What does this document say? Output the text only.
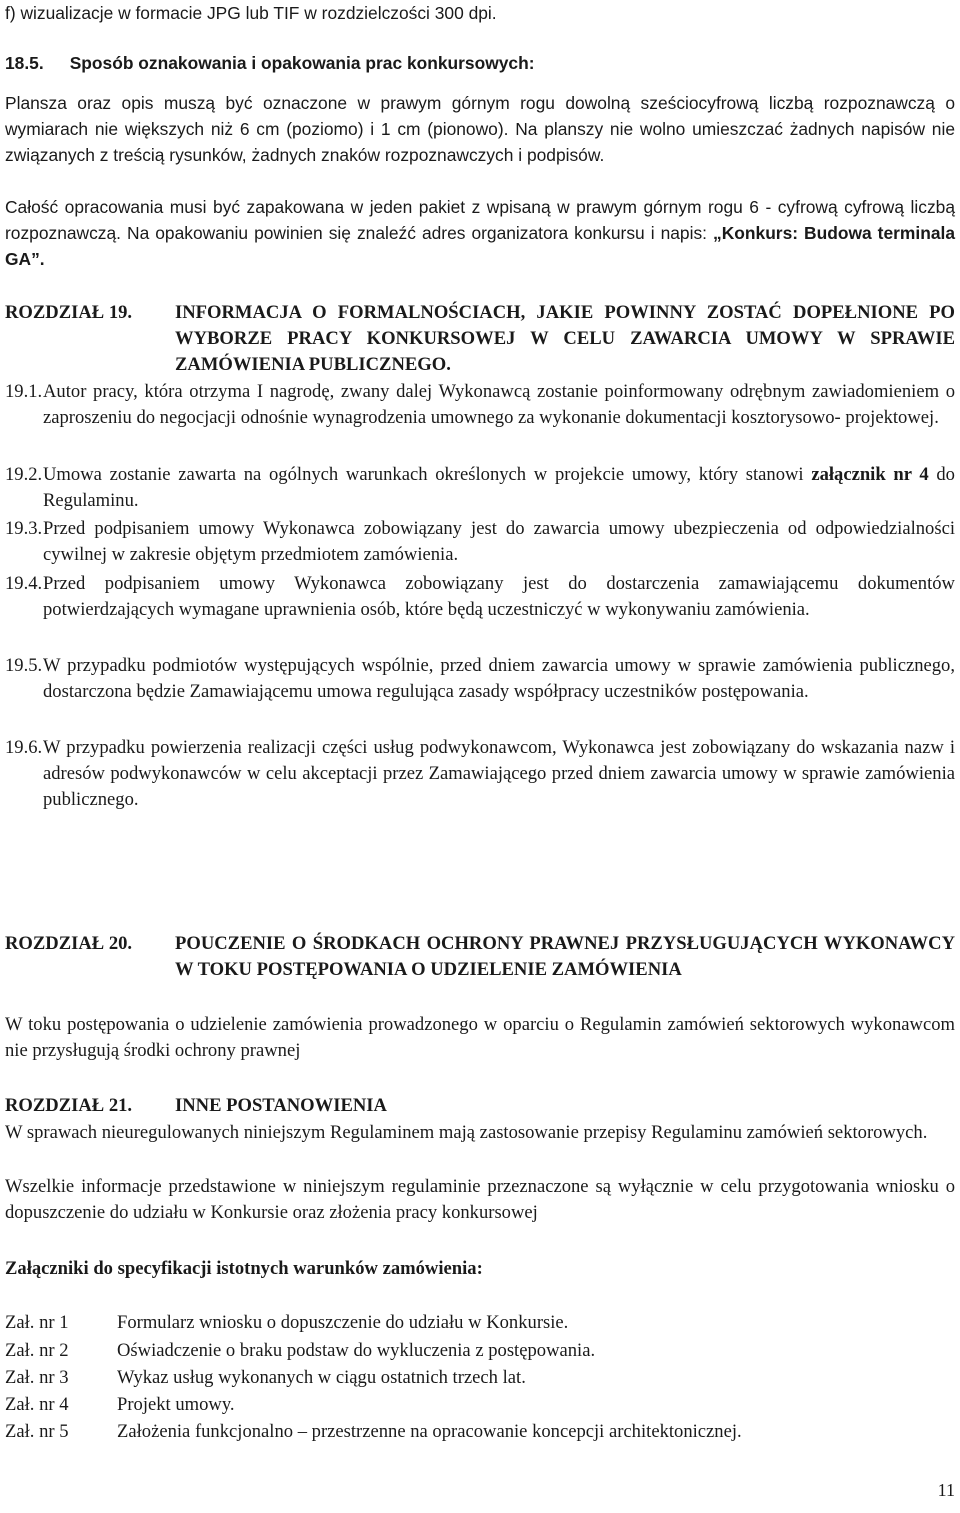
f) wizualizacje w formacie JPG lub TIF w rozdzielczości 300 dpi.

18.5. Sposób oznakowania i opakowania prac konkursowych:

Plansza oraz opis muszą być oznaczone w prawym górnym rogu dowolną sześciocyfrową liczbą rozpoznawczą o wymiarach nie większych niż 6 cm (poziomo) i 1 cm (pionowo). Na planszy nie wolno umieszczać żadnych napisów nie związanych z treścią rysunków, żadnych znaków rozpoznawczych i podpisów.

Całość opracowania musi być zapakowana w jeden pakiet z wpisaną w prawym górnym rogu 6 - cyfrową cyfrową liczbą rozpoznawczą. Na opakowaniu powinien się znaleźć adres organizatora konkursu i napis: „Konkurs: Budowa terminala GA”.

ROZDZIAŁ 19. INFORMACJA O FORMALNOŚCIACH, JAKIE POWINNY ZOSTAĆ DOPEŁNIONE PO WYBORZE PRACY KONKURSOWEJ W CELU ZAWARCIA UMOWY W SPRAWIE ZAMÓWIENIA PUBLICZNEGO.
19.1. Autor pracy, która otrzyma I nagrodę, zwany dalej Wykonawcą zostanie poinformowany odrębnym zawiadomieniem o zaproszeniu do negocjacji odnośnie wynagrodzenia umownego za wykonanie dokumentacji kosztorysowo- projektowej.
19.2. Umowa zostanie zawarta na ogólnych warunkach określonych w projekcie umowy, który stanowi załącznik nr 4 do Regulaminu.
19.3. Przed podpisaniem umowy Wykonawca zobowiązany jest do zawarcia umowy ubezpieczenia od odpowiedzialności cywilnej w zakresie objętym przedmiotem zamówienia.
19.4. Przed podpisaniem umowy Wykonawca zobowiązany jest do dostarczenia zamawiającemu dokumentów potwierdzających wymagane uprawnienia osób, które będą uczestniczyć w wykonywaniu zamówienia.
19.5. W przypadku podmiotów występujących wspólnie, przed dniem zawarcia umowy w sprawie zamówienia publicznego, dostarczona będzie Zamawiającemu umowa regulująca zasady współpracy uczestników postępowania.
19.6. W przypadku powierzenia realizacji części usług podwykonawcom, Wykonawca jest zobowiązany do wskazania nazw i adresów podwykonawców w celu akceptacji przez Zamawiającego przed dniem zawarcia umowy w sprawie zamówienia publicznego.
ROZDZIAŁ 20. POUCZENIE O ŚRODKACH OCHRONY PRAWNEJ PRZYSŁUGUJĄCYCH WYKONAWCY W TOKU POSTĘPOWANIA O UDZIELENIE ZAMÓWIENIA

W toku postępowania o udzielenie zamówienia prowadzonego w oparciu o Regulamin zamówień sektorowych wykonawcom nie przysługują środki ochrony prawnej

ROZDZIAŁ 21. INNE POSTANOWIENIA

W sprawach nieuregulowanych niniejszym Regulaminem mają zastosowanie przepisy Regulaminu zamówień sektorowych.

Wszelkie informacje przedstawione w niniejszym regulaminie przeznaczone są wyłącznie w celu przygotowania wniosku o dopuszczenie do udziału w Konkursie oraz złożenia pracy konkursowej

Załączniki do specyfikacji istotnych warunków zamówienia:

Zał. nr 1	Formularz wniosku o dopuszczenie do udziału w Konkursie.
Zał. nr 2	Oświadczenie o braku podstaw do wykluczenia z postępowania.
Zał. nr 3	Wykaz usług wykonanych w ciągu ostatnich trzech lat.
Zał. nr 4	Projekt umowy.
Zał. nr 5	Założenia funkcjonalno – przestrzenne na opracowanie koncepcji architektonicznej.
11
